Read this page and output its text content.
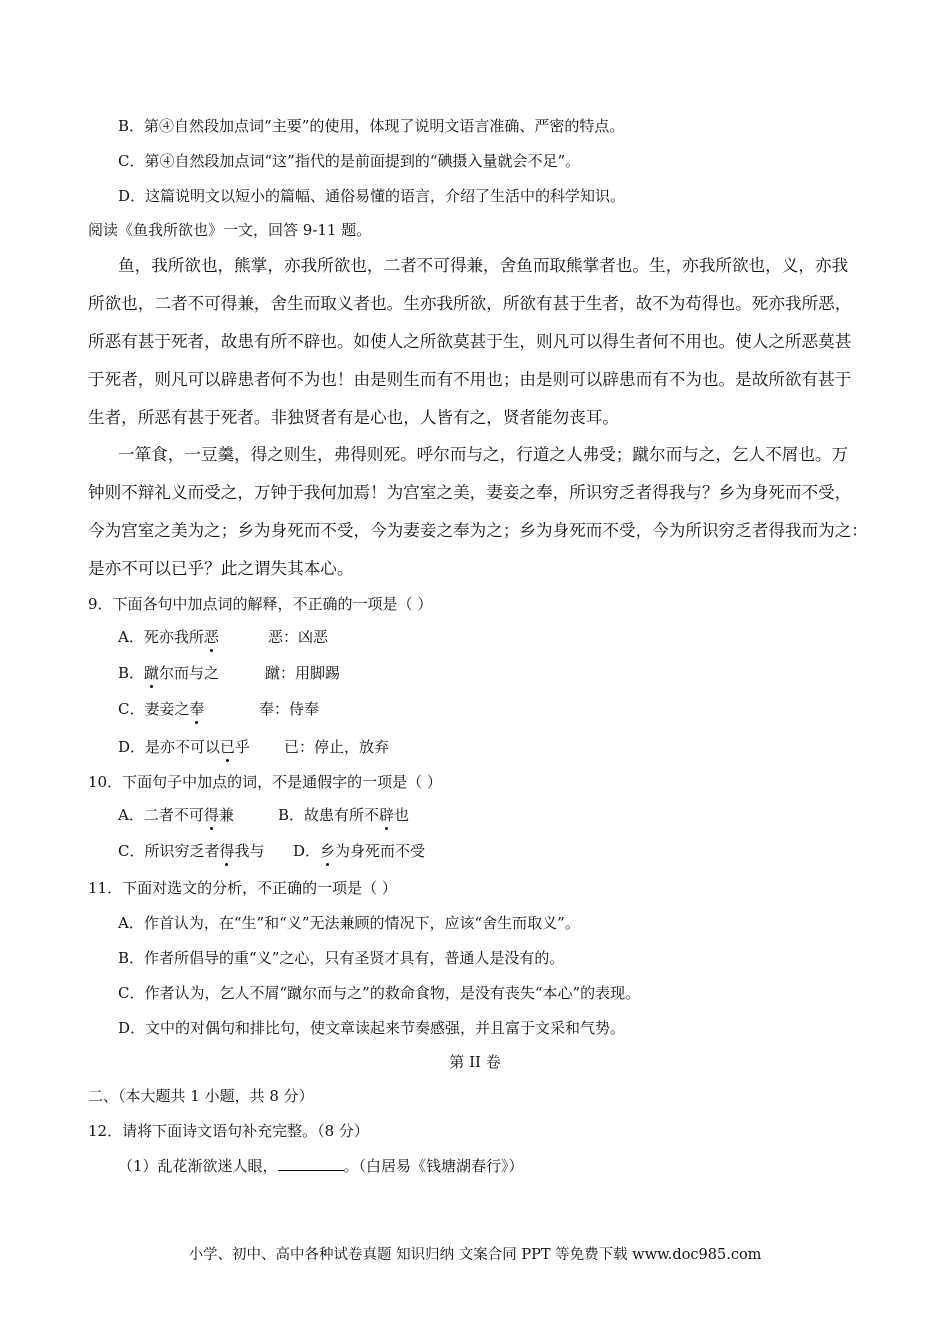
B．第④自然段加点词“主要”的使用，体现了说明文语言准确、严密的特点。
C．第④自然段加点词“这”指代的是前面提到的“碘摄入量就会不足”。
D．这篇说明文以短小的篇幅、通俗易懂的语言，介绍了生活中的科学知识。
阅读《鱼我所欲也》一文，回答 9-11 题。
鱼，我所欲也，熊掌，亦我所欲也，二者不可得兼，舍鱼而取熊掌者也。生，亦我所欲也，义，亦我
所欲也，二者不可得兼，舍生而取义者也。生亦我所欲，所欲有甚于生者，故不为苟得也。死亦我所恶，
所恶有甚于死者，故患有所不辟也。如使人之所欲莫甚于生，则凡可以得生者何不用也。使人之所恶莫甚
于死者，则凡可以辟患者何不为也！由是则生而有不用也；由是则可以辟患而有不为也。是故所欲有甚于
生者，所恶有甚于死者。非独贤者有是心也，人皆有之，贤者能勿丧耳。
一箪食，一豆羹，得之则生，弗得则死。呼尔而与之，行道之人弗受；蹴尔而与之，乞人不屑也。万
钟则不辩礼义而受之，万钟于我何加焉！为宫室之美，妻妾之奉，所识穷乏者得我与？乡为身死而不受，
今为宫室之美为之；乡为身死而不受，今为妻妾之奉为之；乡为身死而不受，今为所识穷乏者得我而为之：
是亦不可以已乎？此之谓失其本心。
9．下面各句中加点词的解释，不正确的一项是（ ）
A．死亦我所恶	恶：凶恶
B．蹴尔而与之	蹴：用脚踢
C．妻妾之奉	奉：侍奉
D．是亦不可以已乎 已：停止，放弃
10．下面句子中加点的词，不是通假字的一项是（ ）
A．二者不可得兼	B．故患有所不辟也
C．所识穷乏者得我与 D．乡为身死而不受
11．下面对选文的分析，不正确的一项是（ ）
A．作首认为，在“生”和“义”无法兼顾的情况下，应该“舍生而取义”。
B．作者所倡导的重“义”之心，只有圣贤才具有，普通人是没有的。
C．作者认为，乞人不屑“蹴尔而与之”的救命食物，是没有丧失“本心”的表现。
D．文中的对偶句和排比句，使文章读起来节奏感强，并且富于文采和气势。
第 II 卷
二、（本大题共 1 小题，共 8 分）
12．请将下面诗文语句补充完整。（8 分）
（1）乱花渐欲迷人眼，	。（白居易《钱塘湖春行》）
小学、初中、高中各种试卷真题 知识归纳 文案合同 PPT 等免费下载 www.doc985.com
